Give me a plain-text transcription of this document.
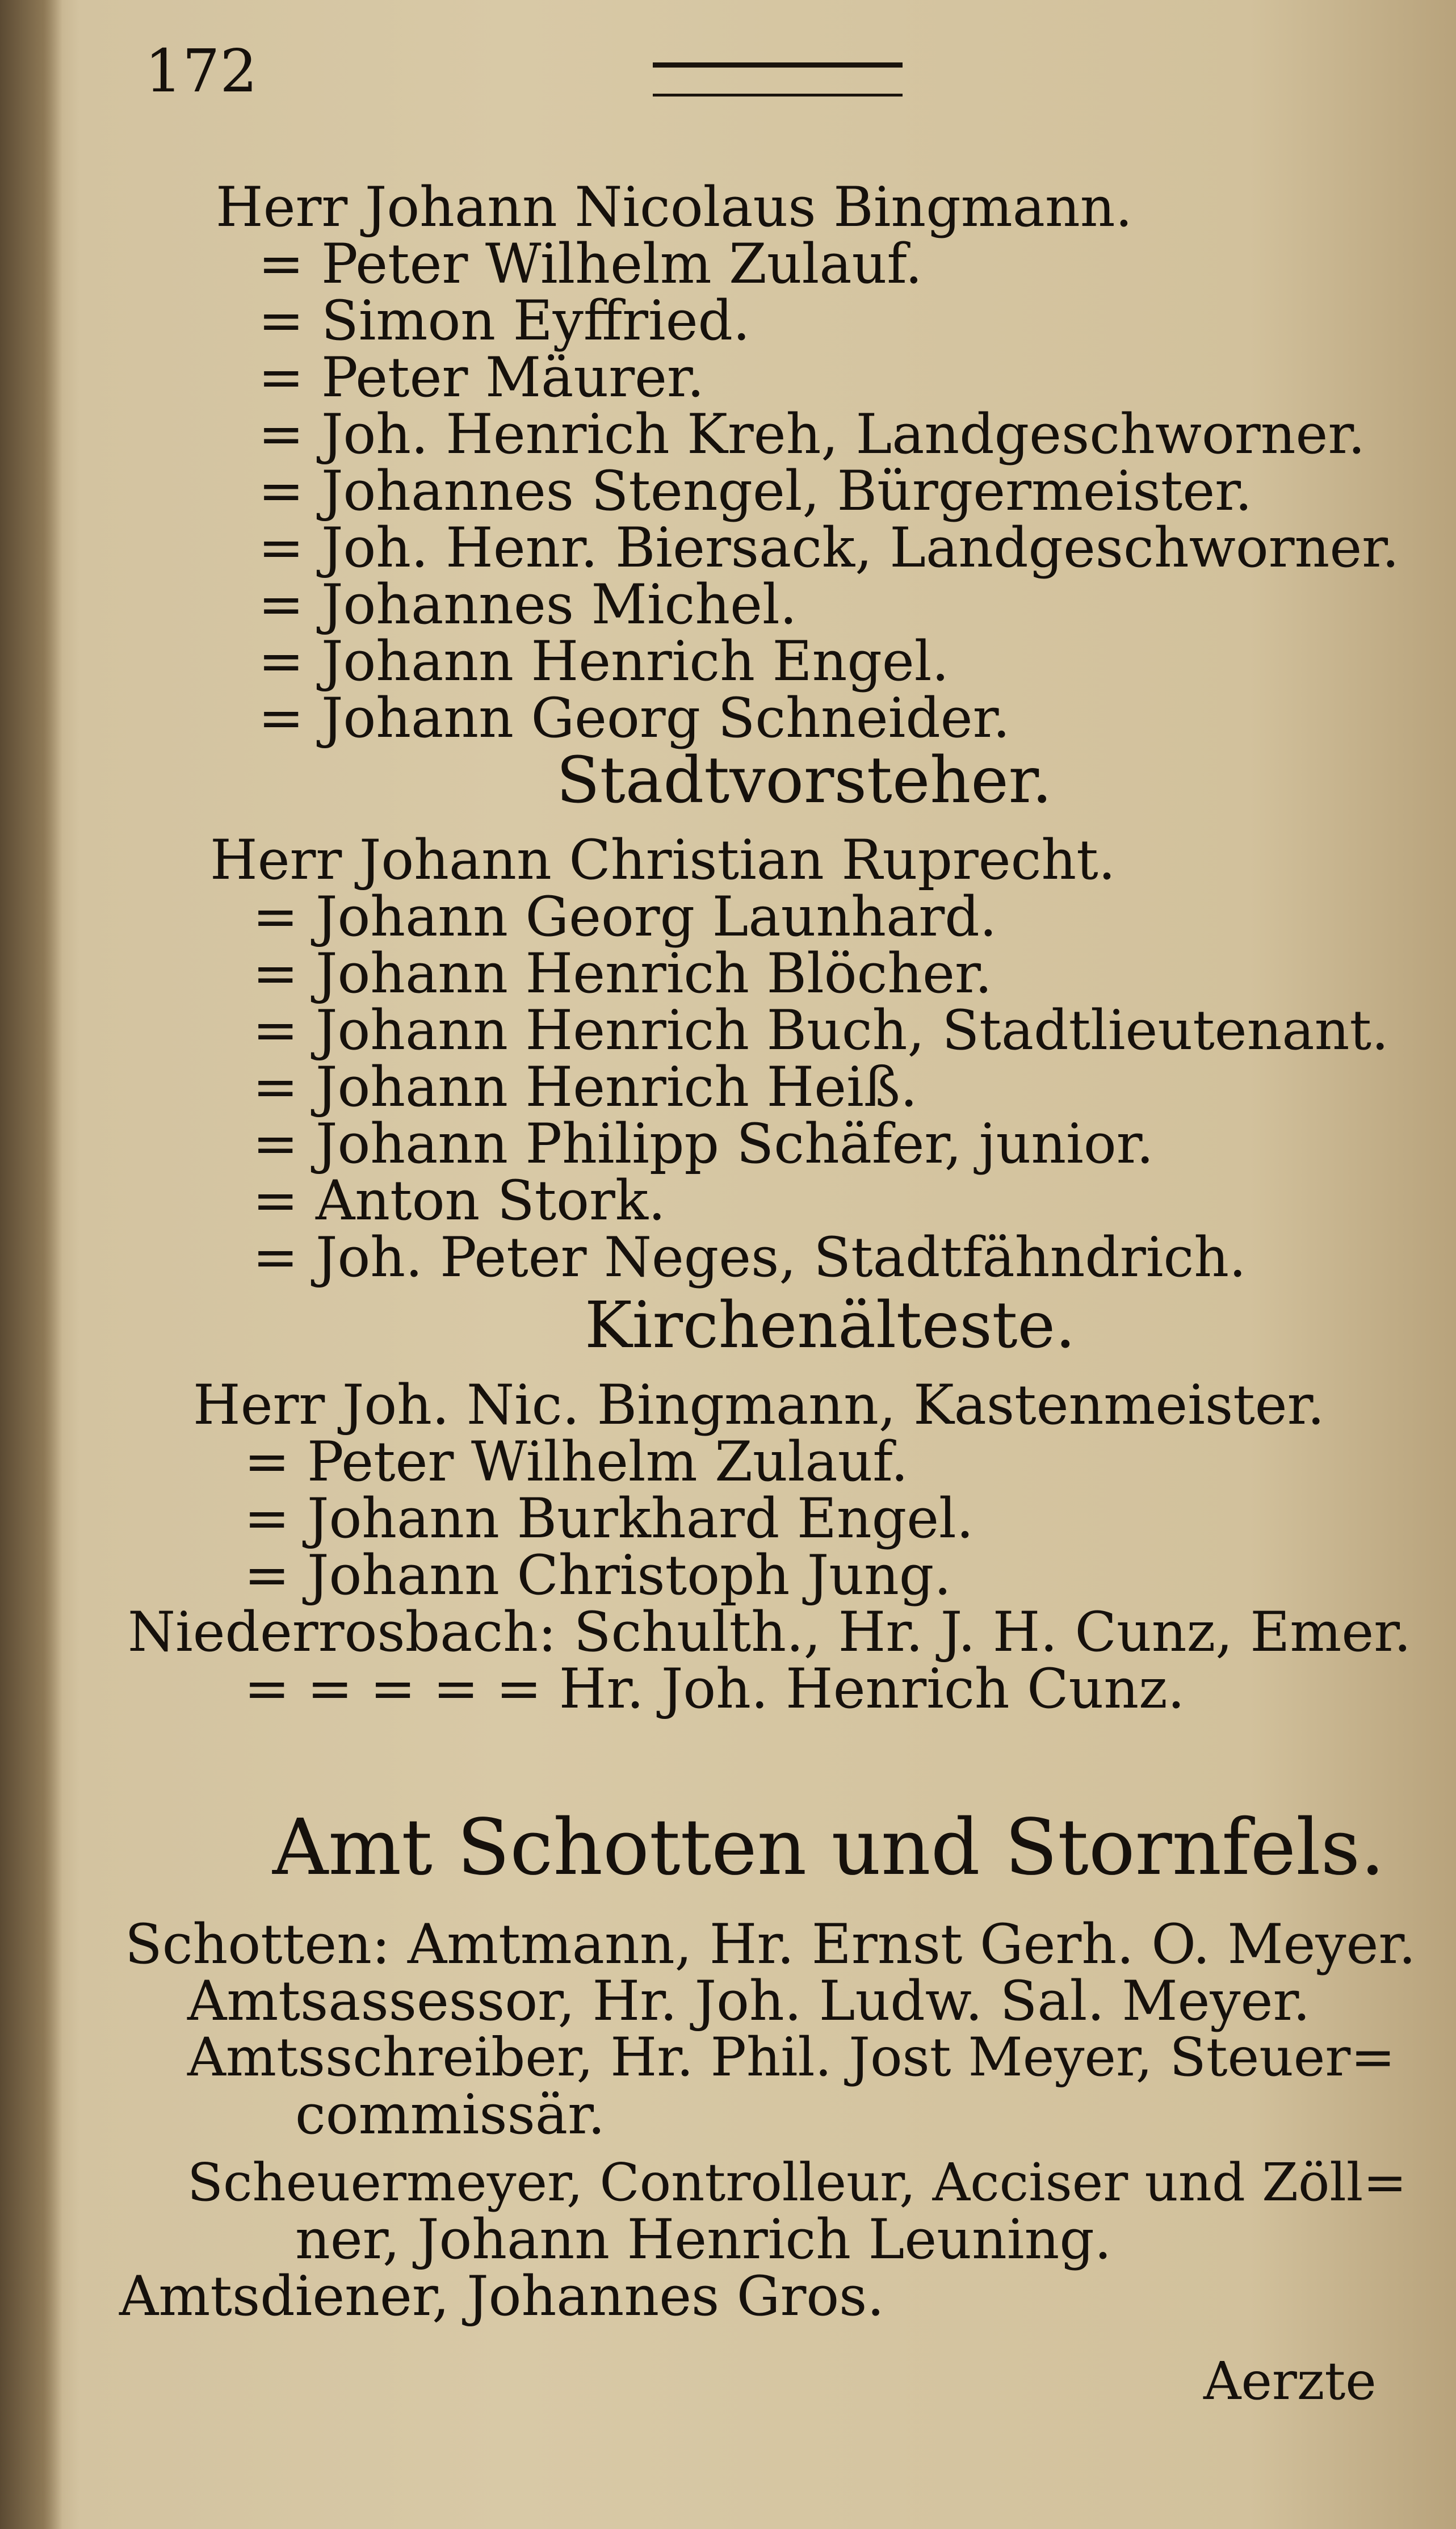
172
Herr Johann Nicolaus Bingmann.
= Peter Wilhelm Zulauf.
= Simon Eyffried.
= Peter Mäurer.
= Joh. Henrich Kreh, Landgeschworner.
= Johannes Stengel, Bürgermeister.
= Joh. Henr. Biersack, Landgeschworner.
= Johannes Michel.
= Johann Henrich Engel.
= Johann Georg Schneider.
Stadtvorsteher.
Herr Johann Christian Ruprecht.
= Johann Georg Launhard.
= Johann Henrich Blöcher.
= Johann Henrich Buch, Stadtlieutenant.
= Johann Henrich Heiß.
= Johann Philipp Schäfer, junior.
= Anton Stork.
= Joh. Peter Neges, Stadtfähndrich.
Kirchenälteste.
Herr Joh. Nic. Bingmann, Kastenmeister.
= Peter Wilhelm Zulauf.
= Johann Burkhard Engel.
= Johann Christoph Jung.
Niederrosbach: Schulth., Hr. J. H. Cunz, Emer.
= = = = = Hr. Joh. Henrich Cunz.
Amt Schotten und Stornfels.
Schotten: Amtmann, Hr. Ernst Gerh. O. Meyer.
Amtsassessor, Hr. Joh. Ludw. Sal. Meyer.
Amtsschreiber, Hr. Phil. Jost Meyer, Steuer=
commissär.
Scheuermeyer, Controlleur, Acciser und Zöll=
ner, Johann Henrich Leuning.
Amtsdiener, Johannes Gros.
Aerzte
